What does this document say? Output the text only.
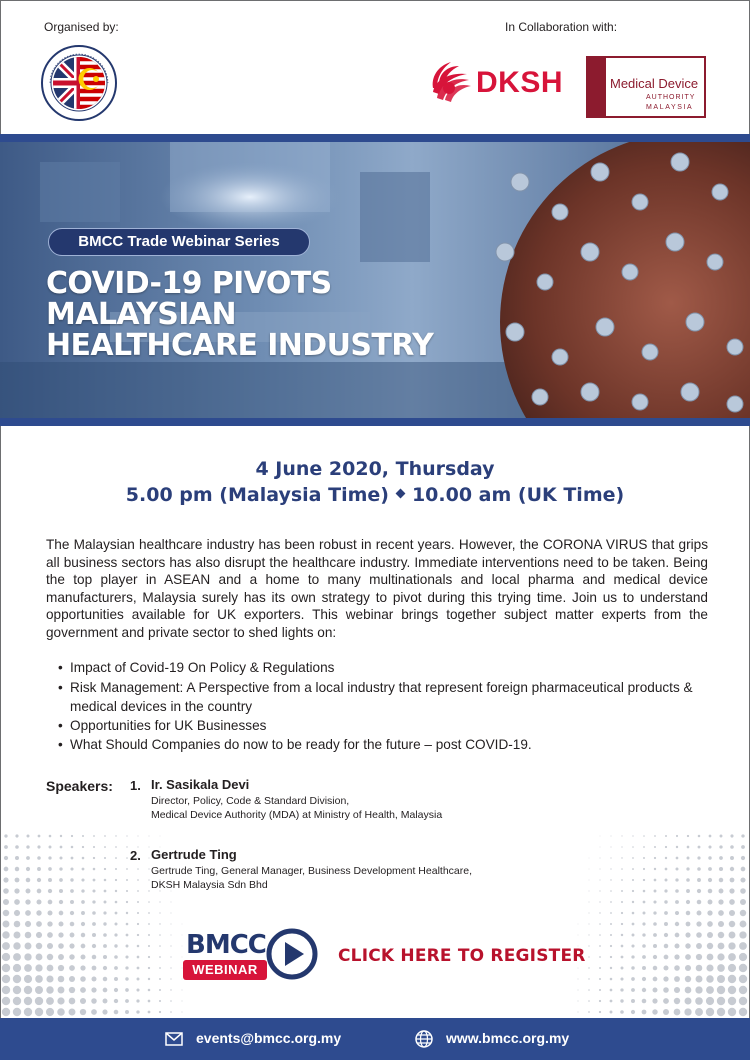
Organised by:	In Collaboration with:
DKSH	Medical Device
AUTHORITY
MALAYSIA
BMCC Trade Webinar Series
COVID-19 PIVOTS MALAYSIAN
HEALTHCARE INDUSTRY
4 June 2020, Thursday
5.00 pm (Malaysia Time) 10.00 am (UK Time)
The Malaysian healthcare industry has been robust in recent years. However, the CORONA VIRUS that grips all business sectors has also disrupt the healthcare industry. Immediate interventions need to be taken. Being the top player in ASEAN and a home to many multinationals and local pharma and medical device manufacturers, Malaysia surely has its own strategy to pivot during this trying time. Join us to understand opportunities available for UK exporters. This webinar brings together subject matter experts from the government and private sector to shed lights on:
• Impact of Covid-19 On Policy & Regulations
• Risk Management: A Perspective from a local industry that represent foreign pharmaceutical products & medical devices in the country
• Opportunities for UK Businesses
• What Should Companies do now to be ready for the future – post COVID-19.
Speakers: 1. Ir. Sasikala Devi
Director, Policy, Code & Standard Division,
Medical Device Authority (MDA) at Ministry of Health, Malaysia
2. Gertrude Ting
Gertrude Ting, General Manager, Business Development Healthcare,
DKSH Malaysia Sdn Bhd
BMCC
WEBINAR
CLICK HERE TO REGISTER
events@bmcc.org.my	www.bmcc.org.my
